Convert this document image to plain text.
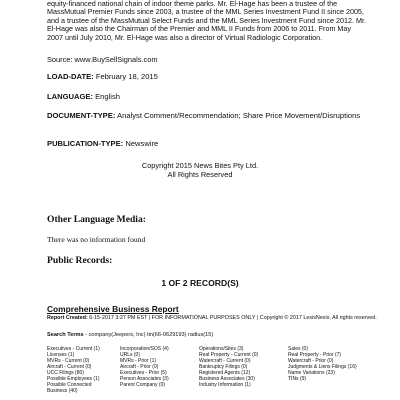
equity-financed national chain of indoor theme parks. Mr. El-Hage has been a trustee of the MassMutual Premier Funds since 2003, a trustee of the MML Series Investment Fund II since 2005, and a trustee of the MassMutual Select Funds and the MML Series Investment Fund since 2012. Mr. El-Hage was also the Chairman of the Premier and MML II Funds from 2006 to 2011. From May 2007 until July 2010, Mr. El-Hage was also a director of Virtual Radiologic Corporation.

Source: www.BuySellSignals.com
LOAD-DATE: February 18, 2015
LANGUAGE: English
DOCUMENT-TYPE: Analyst Comment/Recommendation; Share Price Movement/Disruptions
PUBLICATION-TYPE: Newswire
Copyright 2015 News Bites Pty Ltd.
All Rights Reserved
Other Language Media:
There was no information found
Public Records:
1 OF 2 RECORD(S)
Comprehensive Business Report
Report Created: 6-15-2017 3:27 PM EST | FOR INFORMATIONAL PURPOSES ONLY | Copyright © 2017 LexisNexis, All rights reserved.
Search Terms - company(Jeepers, Inc) tin(66-0629193) radius(15)
Executives - Current (1)
Licenses (1)
MVRs - Current (0)
Aircraft - Current (0)
UCC Filings (80)
Possible Employees (1)
Possible Connected
Business (40)
Incorporation/SOS (4)
URLs (0)
MVRs - Prior (1)
Aircraft - Prior (0)
Executives - Prior (5)
Person Associates (3)
Parent Company (0)
Operations/Sites (3)
Real Property - Current (0)
Watercraft - Current (0)
Bankruptcy Filings (0)
Registered Agents (12)
Business Associates (30)
Industry Information (1)
Sales (0)
Real Property - Prior (7)
Watercraft - Prior (0)
Judgments & Liens Filings (16)
Name Variations (23)
TINs (9)
